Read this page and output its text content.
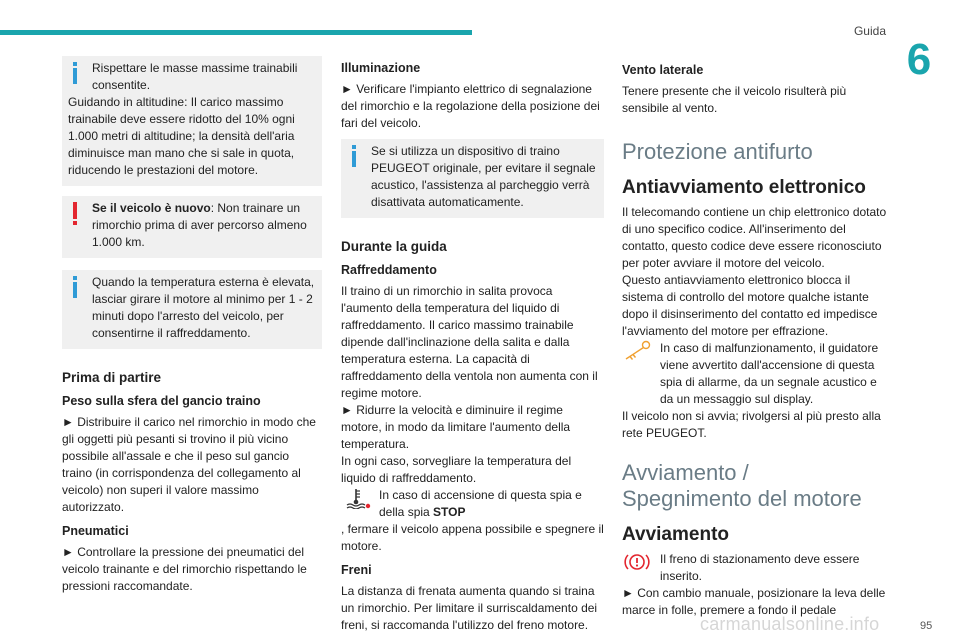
Guida
6
Rispettare le masse massime trainabili consentite.
Guidando in altitudine: Il carico massimo trainabile deve essere ridotto del 10% ogni 1.000 metri di altitudine; la densità dell'aria diminuisce man mano che si sale in quota, riducendo le prestazioni del motore.
Se il veicolo è nuovo: Non trainare un rimorchio prima di aver percorso almeno 1.000 km.
Quando la temperatura esterna è elevata, lasciar girare il motore al minimo per 1 - 2 minuti dopo l'arresto del veicolo, per consentirne il raffreddamento.
Prima di partire
Peso sulla sfera del gancio traino
► Distribuire il carico nel rimorchio in modo che gli oggetti più pesanti si trovino il più vicino possibile all'assale e che il peso sul gancio traino (in corrispondenza del collegamento al veicolo) non superi il valore massimo autorizzato.
Pneumatici
► Controllare la pressione dei pneumatici del veicolo trainante e del rimorchio rispettando le pressioni raccomandate.
Illuminazione
► Verificare l'impianto elettrico di segnalazione del rimorchio e la regolazione della posizione dei fari del veicolo.
Se si utilizza un dispositivo di traino PEUGEOT originale, per evitare il segnale acustico, l'assistenza al parcheggio verrà disattivata automaticamente.
Durante la guida
Raffreddamento
Il traino di un rimorchio in salita provoca l'aumento della temperatura del liquido di raffreddamento. Il carico massimo trainabile dipende dall'inclinazione della salita e dalla temperatura esterna. La capacità di raffreddamento della ventola non aumenta con il regime motore.
► Ridurre la velocità e diminuire il regime motore, in modo da limitare l'aumento della temperatura.
In ogni caso, sorvegliare la temperatura del liquido di raffreddamento.
In caso di accensione di questa spia e della spia STOP
, fermare il veicolo appena possibile e spegnere il motore.
Freni
La distanza di frenata aumenta quando si traina un rimorchio. Per limitare il surriscaldamento dei freni, si raccomanda l'utilizzo del freno motore.
Vento laterale
Tenere presente che il veicolo risulterà più sensibile al vento.
Protezione antifurto
Antiavviamento elettronico
Il telecomando contiene un chip elettronico dotato di uno specifico codice. All'inserimento del contatto, questo codice deve essere riconosciuto per poter avviare il motore del veicolo.
Questo antiavviamento elettronico blocca il sistema di controllo del motore qualche istante dopo il disinserimento del contatto ed impedisce l'avviamento del motore per effrazione.
In caso di malfunzionamento, il guidatore viene avvertito dall'accensione di questa spia di allarme, da un segnale acustico e da un messaggio sul display.
Il veicolo non si avvia; rivolgersi al più presto alla rete PEUGEOT.
Avviamento /
Spegnimento del motore
Avviamento
Il freno di stazionamento deve essere inserito.
► Con cambio manuale, posizionare la leva delle marce in folle, premere a fondo il pedale
carmanualsonline.info	95
